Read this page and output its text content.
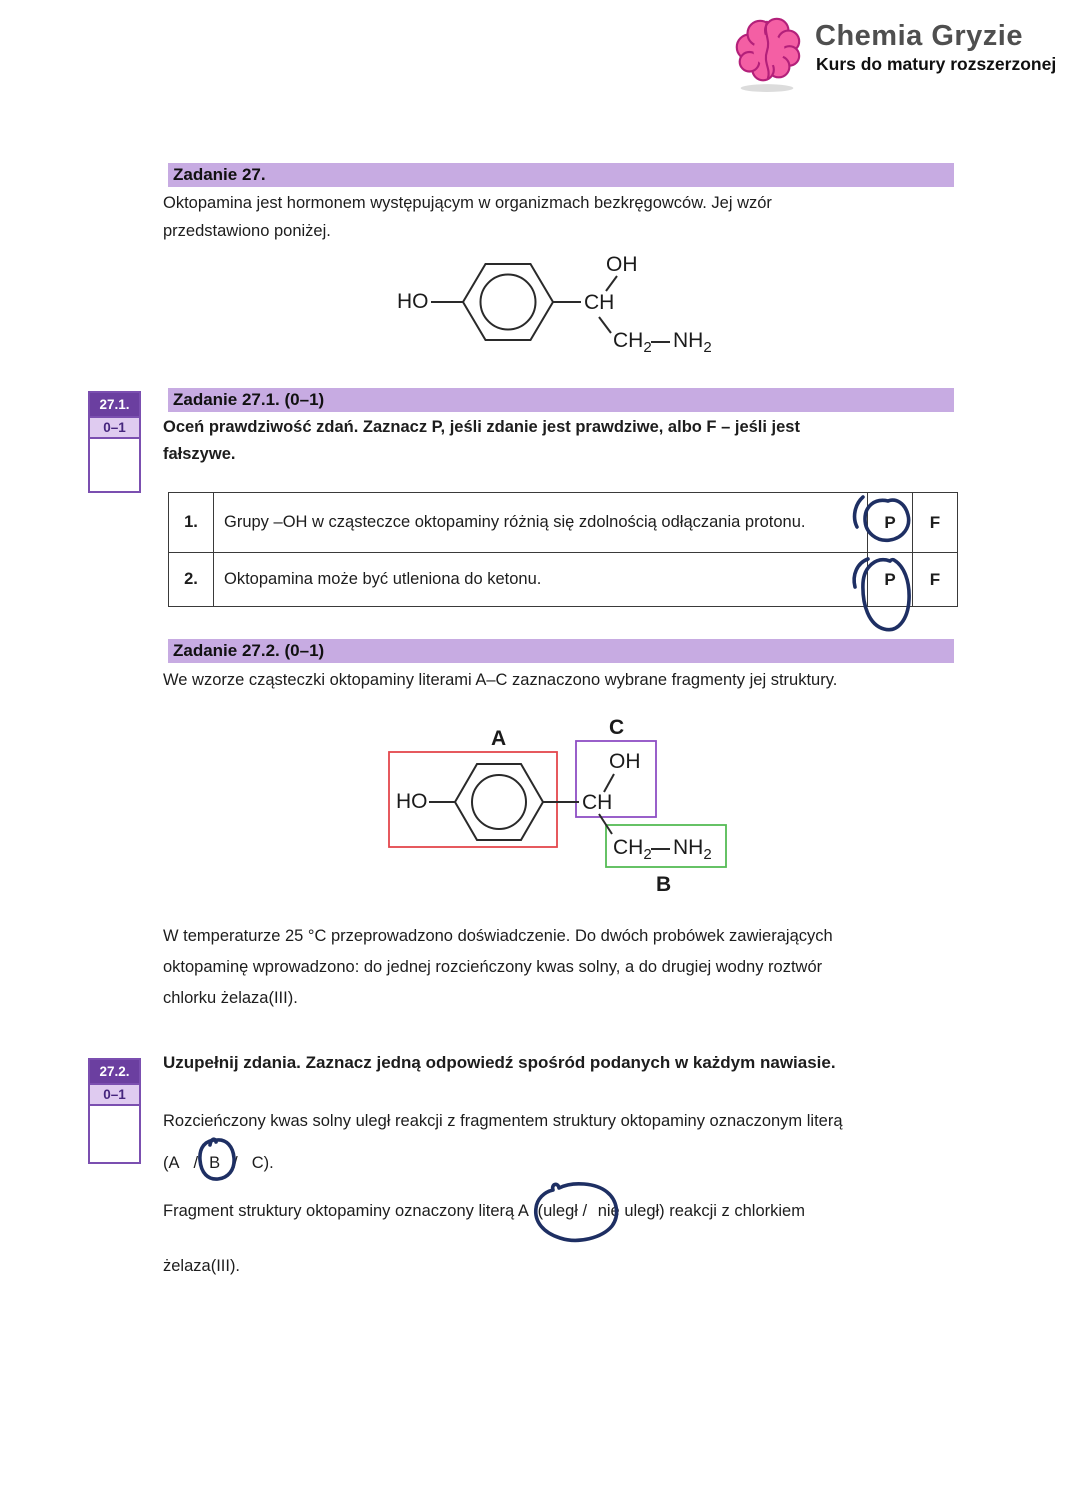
Chemia Gryzie
Kurs do matury rozszerzonej
Zadanie 27.
Oktopamina jest hormonem występującym w organizmach bezkręgowców. Jej wzór
przedstawiono poniżej.
HO	CH
OH
$CH_2$ $NH_2$
27.1.
0–1
Zadanie 27.1. (0–1)
Oceń prawdziwość zdań. Zaznacz P, jeśli zdanie jest prawdziwe, albo F – jeśli jest
fałszywe.
1.	Grupy –OH w cząsteczce oktopaminy różnią się zdolnością odłączania protonu.	P	F
2.	Oktopamina może być utleniona do ketonu.	P	F
Zadanie 27.2. (0–1)
We wzorze cząsteczki oktopaminy literami A–C zaznaczono wybrane fragmenty jej struktury.
A	C
B
HO	CH
OH
$CH_2$ $NH_2$
W temperaturze 25 °C przeprowadzono doświadczenie. Do dwóch probówek zawierających
oktopaminę wprowadzono: do jednej rozcieńczony kwas solny, a do drugiej wodny roztwór
chlorku żelaza(III).
27.2.
0–1
Uzupełnij zdania. Zaznacz jedną odpowiedź spośród podanych w każdym nawiasie.
Rozcieńczony kwas solny uległ reakcji z fragmentem struktury oktopaminy oznaczonym literą
(A / B / C).
Fragment struktury oktopaminy oznaczony literą A (uległ / nie uległ) reakcji z chlorkiem
żelaza(III).
